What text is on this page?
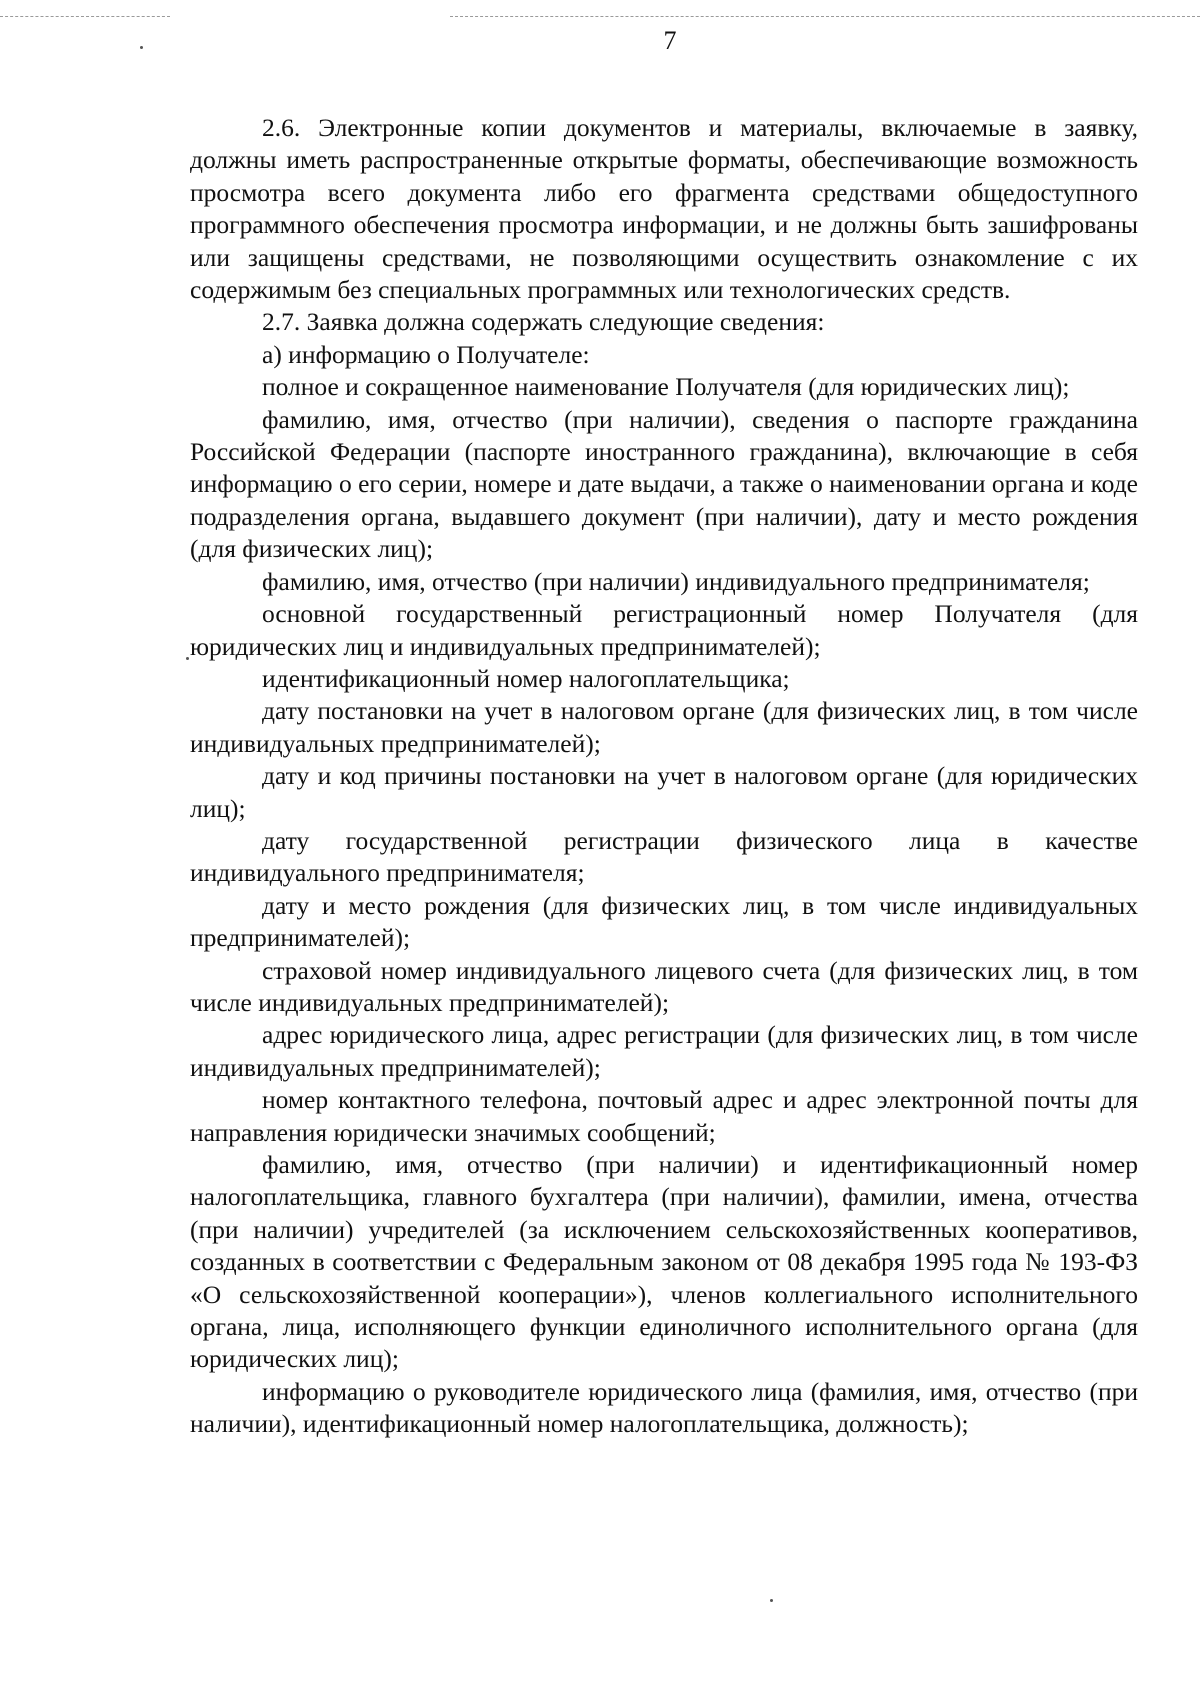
7

2.6. Электронные копии документов и материалы, включаемые в заявку, должны иметь распространенные открытые форматы, обеспечивающие возможность просмотра всего документа либо его фрагмента средствами общедоступного программного обеспечения просмотра информации, и не должны быть зашифрованы или защищены средствами, не позволяющими осуществить ознакомление с их содержимым без специальных программных или технологических средств.

2.7. Заявка должна содержать следующие сведения:

а) информацию о Получателе:

полное и сокращенное наименование Получателя (для юридических лиц);

фамилию, имя, отчество (при наличии), сведения о паспорте гражданина Российской Федерации (паспорте иностранного гражданина), включающие в себя информацию о его серии, номере и дате выдачи, а также о наименовании органа и коде подразделения органа, выдавшего документ (при наличии), дату и место рождения (для физических лиц);

фамилию, имя, отчество (при наличии) индивидуального предпринимателя;

основной государственный регистрационный номер Получателя (для юридических лиц и индивидуальных предпринимателей);

идентификационный номер налогоплательщика;

дату постановки на учет в налоговом органе (для физических лиц, в том числе индивидуальных предпринимателей);

дату и код причины постановки на учет в налоговом органе (для юридических лиц);

дату государственной регистрации физического лица в качестве индивидуального предпринимателя;

дату и место рождения (для физических лиц, в том числе индивидуальных предпринимателей);

страховой номер индивидуального лицевого счета (для физических лиц, в том числе индивидуальных предпринимателей);

адрес юридического лица, адрес регистрации (для физических лиц, в том числе индивидуальных предпринимателей);

номер контактного телефона, почтовый адрес и адрес электронной почты для направления юридически значимых сообщений;

фамилию, имя, отчество (при наличии) и идентификационный номер налогоплательщика, главного бухгалтера (при наличии), фамилии, имена, отчества (при наличии) учредителей (за исключением сельскохозяйственных кооперативов, созданных в соответствии с Федеральным законом от 08 декабря 1995 года № 193-ФЗ «О сельскохозяйственной кооперации»), членов коллегиального исполнительного органа, лица, исполняющего функции единоличного исполнительного органа (для юридических лиц);

информацию о руководителе юридического лица (фамилия, имя, отчество (при наличии), идентификационный номер налогоплательщика, должность);
